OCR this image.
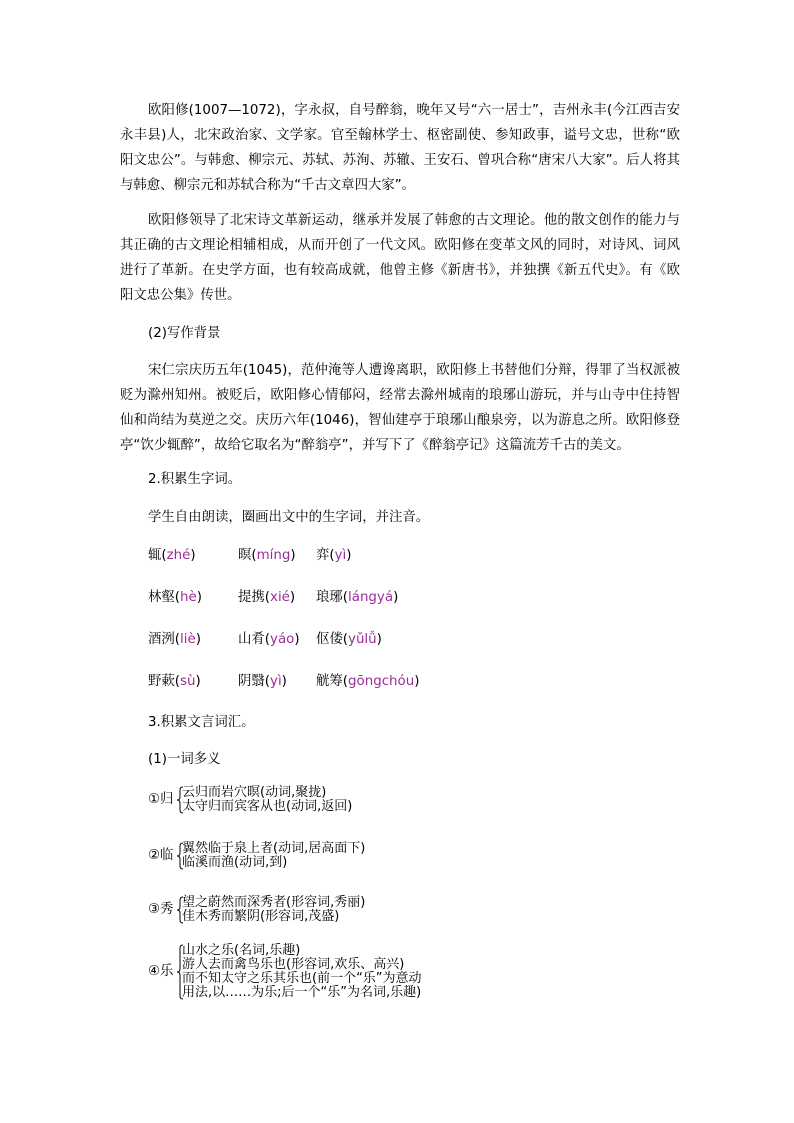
欧阳修(1007—1072)，字永叔，自号醉翁，晚年又号“六一居士”，吉州永丰(今江西吉安永丰县)人，北宋政治家、文学家。官至翰林学士、枢密副使、参知政事，谥号文忠，世称“欧阳文忠公”。与韩愈、柳宗元、苏轼、苏洵、苏辙、王安石、曾巩合称“唐宋八大家”。后人将其与韩愈、柳宗元和苏轼合称为“千古文章四大家”。

欧阳修领导了北宋诗文革新运动，继承并发展了韩愈的古文理论。他的散文创作的能力与其正确的古文理论相辅相成，从而开创了一代文风。欧阳修在变革文风的同时，对诗风、词风进行了革新。在史学方面，也有较高成就，他曾主修《新唐书》，并独撰《新五代史》。有《欧阳文忠公集》传世。

(2)写作背景

宋仁宗庆历五年(1045)，范仲淹等人遭谗离职，欧阳修上书替他们分辩，得罪了当权派被贬为滁州知州。被贬后，欧阳修心情郁闷，经常去滁州城南的琅琊山游玩，并与山寺中住持智仙和尚结为莫逆之交。庆历六年(1046)，智仙建亭于琅琊山酿泉旁，以为游息之所。欧阳修登亭“饮少辄醉”，故给它取名为“醉翁亭”，并写下了《醉翁亭记》这篇流芳千古的美文。

2.积累生字词。
学生自由朗读，圈画出文中的生字词，并注音。
辄(zhé)	暝(míng) 弈(yì)
林壑(hè)	提携(xié) 琅琊(lángyá)
酒洌(liè)	山肴(yáo) 伛偻(yǔlǚ)
野蔌(sù)	阴翳(yì) 觥筹(gōngchóu)
3.积累文言词汇。
(1)一词多义
①归 云归而岩穴暝(动词,聚拢)
太守归而宾客从也(动词,返回)
②临 翼然临于泉上者(动词,居高面下)
临溪而渔(动词,到)
③秀 望之蔚然而深秀者(形容词,秀丽)
佳木秀而繁阴(形容词,茂盛)
④乐
山水之乐(名词,乐趣)
游人去而禽鸟乐也(形容词,欢乐、高兴)
而不知太守之乐其乐也(前一个“乐”为意动
用法,以……为乐;后一个“乐”为名词,乐趣)
